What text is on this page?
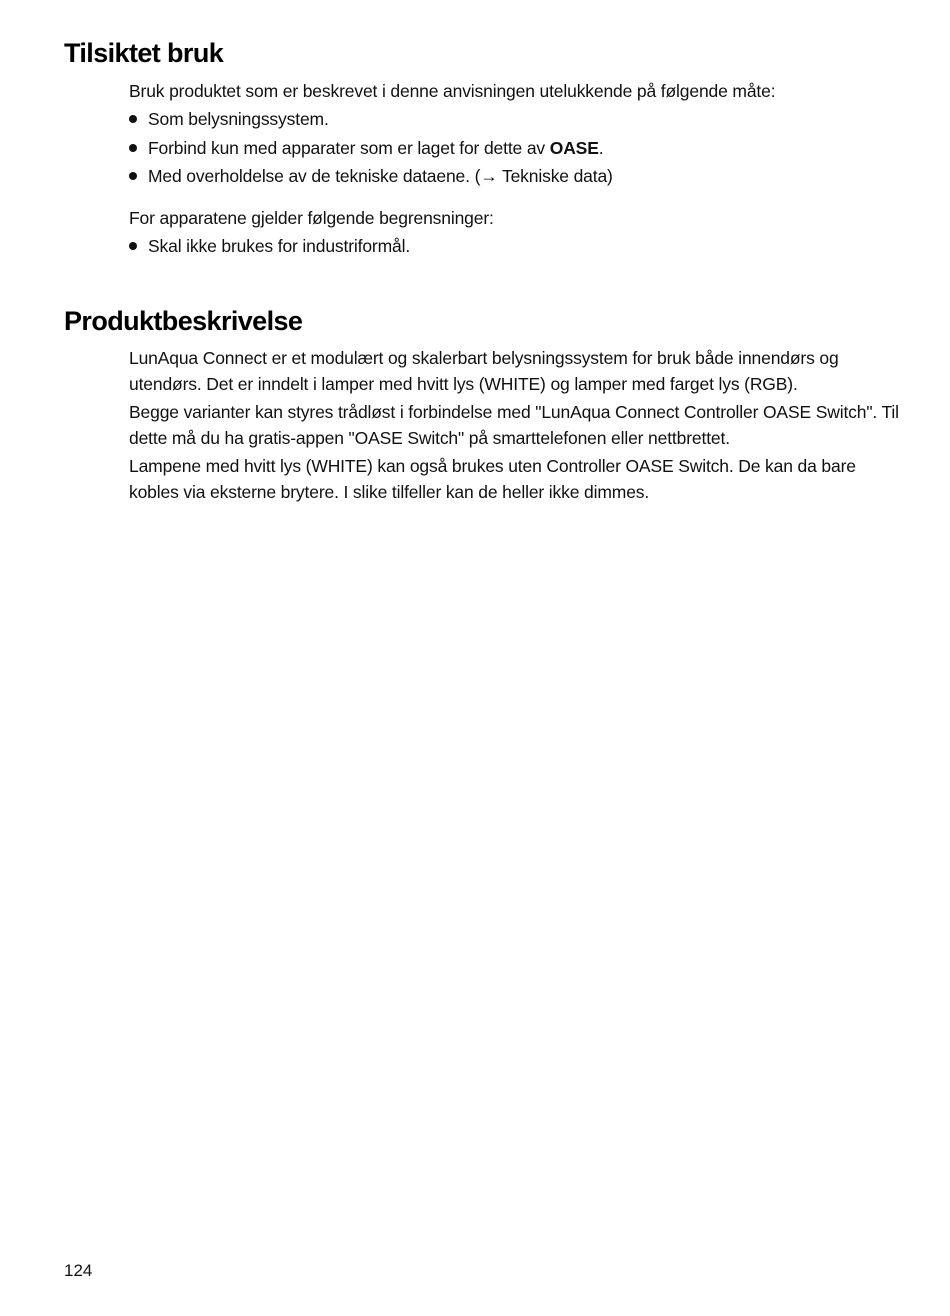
Tilsiktet bruk

Bruk produktet som er beskrevet i denne anvisningen utelukkende på følgende måte:

Som belysningssystem.
Forbind kun med apparater som er laget for dette av OASE.
Med overholdelse av de tekniske dataene. (→ Tekniske data)

For apparatene gjelder følgende begrensninger:

Skal ikke brukes for industriformål.
Produktbeskrivelse

LunAqua Connect er et modulært og skalerbart belysningssystem for bruk både innendørs og utendørs. Det er inndelt i lamper med hvitt lys (WHITE) og lamper med farget lys (RGB).

Begge varianter kan styres trådløst i forbindelse med "LunAqua Connect Controller OASE Switch". Til dette må du ha gratis-appen "OASE Switch" på smarttelefonen eller nettbrettet.

Lampene med hvitt lys (WHITE) kan også brukes uten Controller OASE Switch. De kan da bare kobles via eksterne brytere. I slike tilfeller kan de heller ikke dimmes.

124
